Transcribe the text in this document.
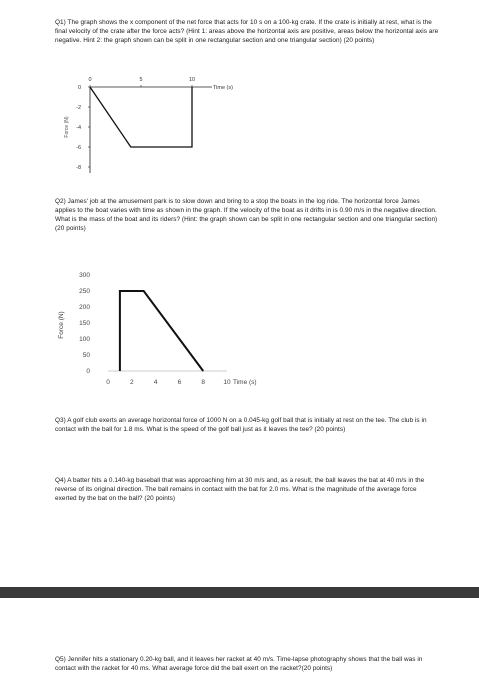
Q1) The graph shows the x component of the net force that acts for 10 s on a 100-kg crate. If the crate is initially at rest, what is the final velocity of the crate after the force acts? (Hint 1: areas above the horizontal axis are positive, areas below the horizontal axis are negative. Hint 2: the graph shown can be split in one rectangular section and one triangular section) (20 points)

0	5	10
0
-2
-4
-6
-8
Time (s)
Force (N)

Q2) James' job at the amusement park is to slow down and bring to a stop the boats in the log ride. The horizontal force James applies to the boat varies with time as shown in the graph. If the velocity of the boat as it drifts in is 0.90 m/s in the negative direction. What is the mass of the boat and its riders? (Hint: the graph shown can be split in one rectangular section and one triangular section)(20 points)

0
50
100
150
200
250
300
0	2	4	6	8	10 Time (s)
Force (N)

Q3) A golf club exerts an average horizontal force of 1000 N on a 0.045-kg golf ball that is initially at rest on the tee. The club is in contact with the ball for 1.8 ms. What is the speed of the golf ball just as it leaves the tee? (20 points)

Q4) A batter hits a 0.140-kg baseball that was approaching him at 30 m/s and, as a result, the ball leaves the bat at 40 m/s in the reverse of its original direction. The ball remains in contact with the bat for 2.0 ms. What is the magnitude of the average force exerted by the bat on the ball? (20 points)

Q5) Jennifer hits a stationary 0.20-kg ball, and it leaves her racket at 40 m/s. Time-lapse photography shows that the ball was in contact with the racket for 40 ms. What average force did the ball exert on the racket?(20 points)
